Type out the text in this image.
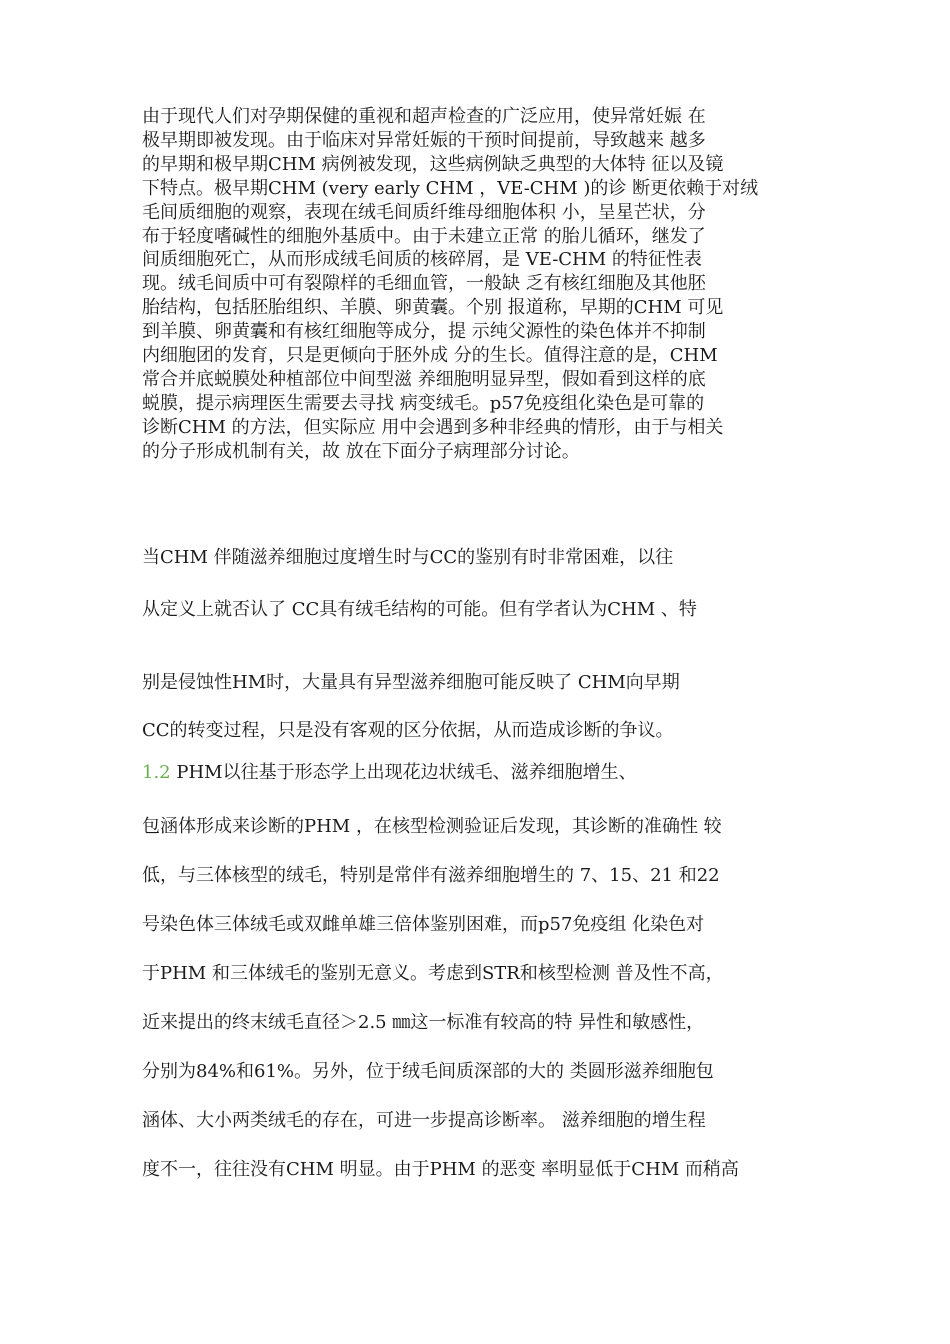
由于现代人们对孕期保健的重视和超声检查的广泛应用，使异常妊娠 在
极早期即被发现。由于临床对异常妊娠的干预时间提前，导致越来 越多
的早期和极早期CHM 病例被发现，这些病例缺乏典型的大体特 征以及镜
下特点。极早期CHM (very early CHM ，VE-CHM )的诊 断更依赖于对绒
毛间质细胞的观察，表现在绒毛间质纤维母细胞体积 小，呈星芒状，分
布于轻度嗜碱性的细胞外基质中。由于未建立正常 的胎儿循环，继发了
间质细胞死亡，从而形成绒毛间质的核碎屑，是 VE-CHM 的特征性表
现。绒毛间质中可有裂隙样的毛细血管，一般缺 乏有核红细胞及其他胚
胎结构，包括胚胎组织、羊膜、卵黄囊。个别 报道称，早期的CHM 可见
到羊膜、卵黄囊和有核红细胞等成分，提 示纯父源性的染色体并不抑制
内细胞团的发育，只是更倾向于胚外成 分的生长。值得注意的是，CHM
常合并底蜕膜处种植部位中间型滋 养细胞明显异型，假如看到这样的底
蜕膜，提示病理医生需要去寻找 病变绒毛。p57免疫组化染色是可靠的
诊断CHM 的方法，但实际应 用中会遇到多种非经典的情形，由于与相关
的分子形成机制有关，故 放在下面分子病理部分讨论。
当CHM 伴随滋养细胞过度增生时与CC的鉴别有时非常困难，以往
从定义上就否认了 CC具有绒毛结构的可能。但有学者认为CHM 、特
别是侵蚀性HM时，大量具有异型滋养细胞可能反映了 CHM向早期
CC的转变过程，只是没有客观的区分依据，从而造成诊断的争议。
1.2 PHM以往基于形态学上出现花边状绒毛、滋养细胞增生、
包涵体形成来诊断的PHM ，在核型检测验证后发现，其诊断的准确性 较
低，与三体核型的绒毛，特别是常伴有滋养细胞增生的 7、15、21 和22
号染色体三体绒毛或双雌单雄三倍体鉴别困难，而p57免疫组 化染色对
于PHM 和三体绒毛的鉴别无意义。考虑到STR和核型检测 普及性不高，
近来提出的终末绒毛直径＞2.5 ㎜这一标准有较高的特 异性和敏感性，
分别为84%和61%。另外，位于绒毛间质深部的大的 类圆形滋养细胞包
涵体、大小两类绒毛的存在，可进一步提高诊断率。 滋养细胞的增生程
度不一，往往没有CHM 明显。由于PHM 的恶变 率明显低于CHM 而稍高
